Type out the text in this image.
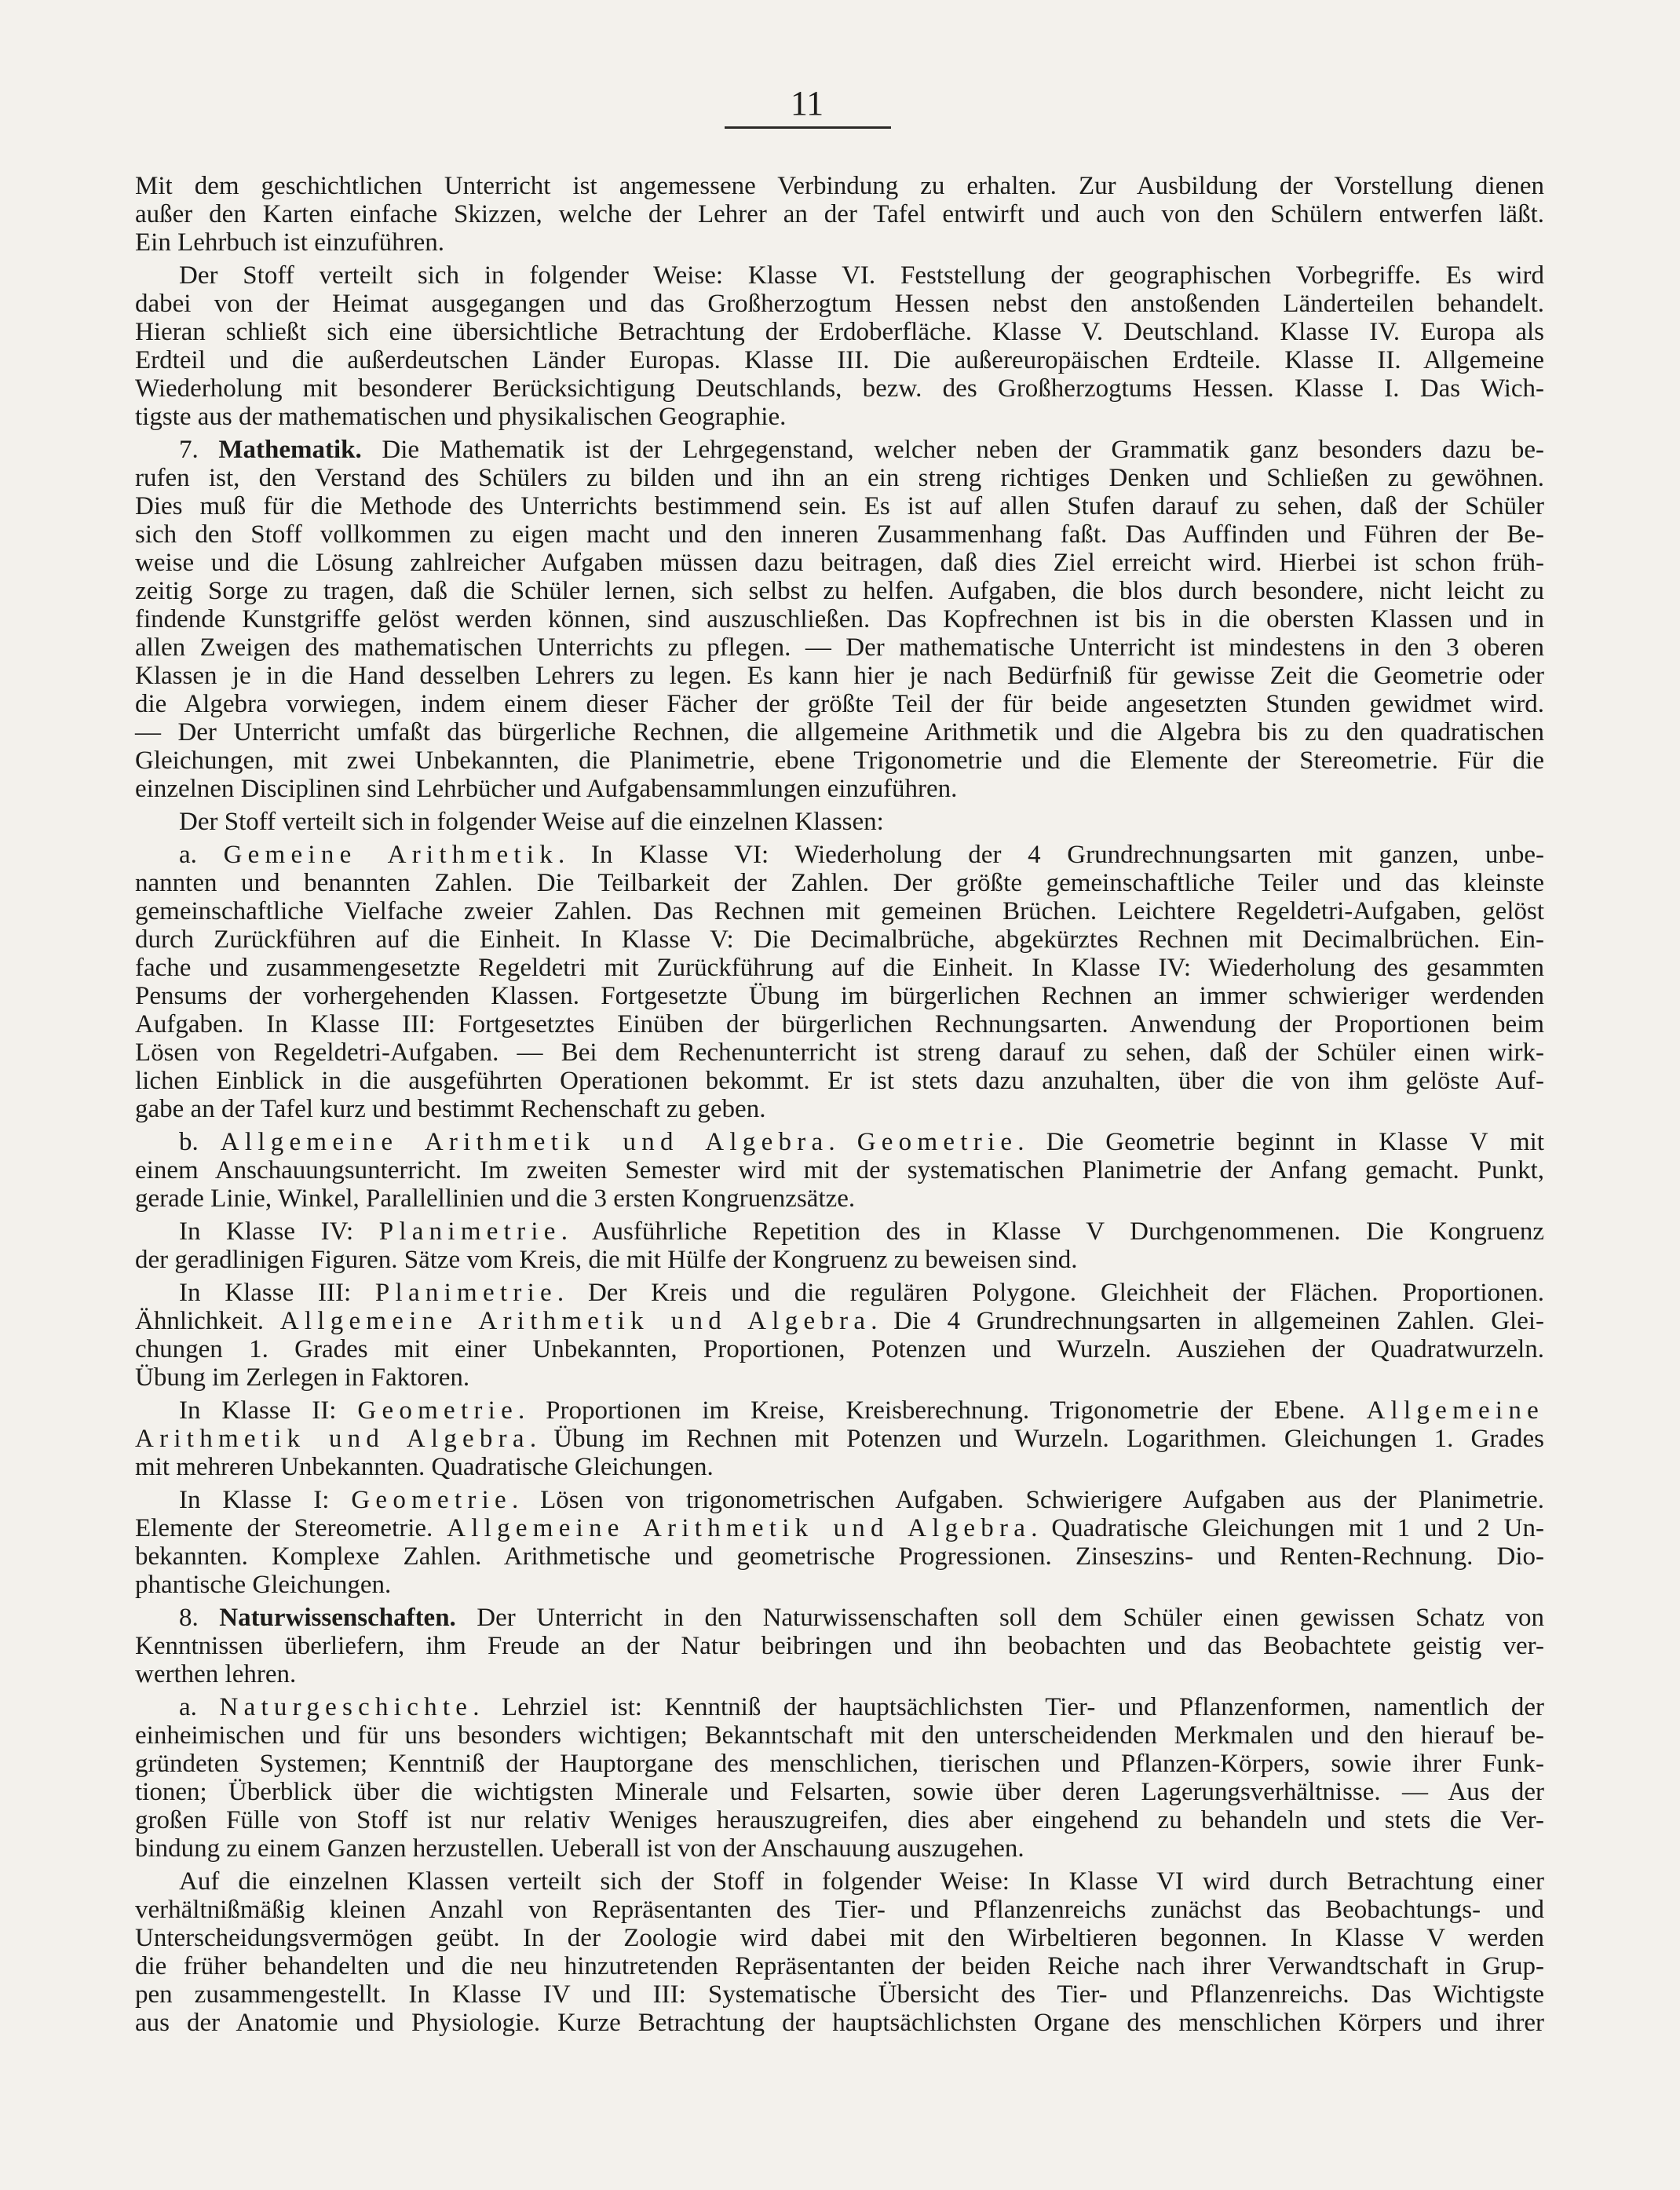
11
Mit dem geschichtlichen Unterricht ist angemessene Verbindung zu erhalten. Zur Ausbildung der Vorstellung dienen
außer den Karten einfache Skizzen, welche der Lehrer an der Tafel entwirft und auch von den Schülern entwerfen läßt.
Ein Lehrbuch ist einzuführen.
Der Stoff verteilt sich in folgender Weise: Klasse VI. Feststellung der geographischen Vorbegriffe. Es wird
dabei von der Heimat ausgegangen und das Großherzogtum Hessen nebst den anstoßenden Länderteilen behandelt.
Hieran schließt sich eine übersichtliche Betrachtung der Erdoberfläche. Klasse V. Deutschland. Klasse IV. Europa als
Erdteil und die außerdeutschen Länder Europas. Klasse III. Die außereuropäischen Erdteile. Klasse II. Allgemeine
Wiederholung mit besonderer Berücksichtigung Deutschlands, bezw. des Großherzogtums Hessen. Klasse I. Das Wich-
tigste aus der mathematischen und physikalischen Geographie.
7. Mathematik. Die Mathematik ist der Lehrgegenstand, welcher neben der Grammatik ganz besonders dazu be-
rufen ist, den Verstand des Schülers zu bilden und ihn an ein streng richtiges Denken und Schließen zu gewöhnen.
Dies muß für die Methode des Unterrichts bestimmend sein. Es ist auf allen Stufen darauf zu sehen, daß der Schüler
sich den Stoff vollkommen zu eigen macht und den inneren Zusammenhang faßt. Das Auffinden und Führen der Be-
weise und die Lösung zahlreicher Aufgaben müssen dazu beitragen, daß dies Ziel erreicht wird. Hierbei ist schon früh-
zeitig Sorge zu tragen, daß die Schüler lernen, sich selbst zu helfen. Aufgaben, die blos durch besondere, nicht leicht zu
findende Kunstgriffe gelöst werden können, sind auszuschließen. Das Kopfrechnen ist bis in die obersten Klassen und in
allen Zweigen des mathematischen Unterrichts zu pflegen. — Der mathematische Unterricht ist mindestens in den 3 oberen
Klassen je in die Hand desselben Lehrers zu legen. Es kann hier je nach Bedürfniß für gewisse Zeit die Geometrie oder
die Algebra vorwiegen, indem einem dieser Fächer der größte Teil der für beide angesetzten Stunden gewidmet wird.
— Der Unterricht umfaßt das bürgerliche Rechnen, die allgemeine Arithmetik und die Algebra bis zu den quadratischen
Gleichungen, mit zwei Unbekannten, die Planimetrie, ebene Trigonometrie und die Elemente der Stereometrie. Für die
einzelnen Disciplinen sind Lehrbücher und Aufgabensammlungen einzuführen.
Der Stoff verteilt sich in folgender Weise auf die einzelnen Klassen:
a. Gemeine Arithmetik. In Klasse VI: Wiederholung der 4 Grundrechnungsarten mit ganzen, unbe-
nannten und benannten Zahlen. Die Teilbarkeit der Zahlen. Der größte gemeinschaftliche Teiler und das kleinste
gemeinschaftliche Vielfache zweier Zahlen. Das Rechnen mit gemeinen Brüchen. Leichtere Regeldetri-Aufgaben, gelöst
durch Zurückführen auf die Einheit. In Klasse V: Die Decimalbrüche, abgekürztes Rechnen mit Decimalbrüchen. Ein-
fache und zusammengesetzte Regeldetri mit Zurückführung auf die Einheit. In Klasse IV: Wiederholung des gesammten
Pensums der vorhergehenden Klassen. Fortgesetzte Übung im bürgerlichen Rechnen an immer schwieriger werdenden
Aufgaben. In Klasse III: Fortgesetztes Einüben der bürgerlichen Rechnungsarten. Anwendung der Proportionen beim
Lösen von Regeldetri-Aufgaben. — Bei dem Rechenunterricht ist streng darauf zu sehen, daß der Schüler einen wirk-
lichen Einblick in die ausgeführten Operationen bekommt. Er ist stets dazu anzuhalten, über die von ihm gelöste Auf-
gabe an der Tafel kurz und bestimmt Rechenschaft zu geben.
b. Allgemeine Arithmetik und Algebra. Geometrie. Die Geometrie beginnt in Klasse V mit
einem Anschauungsunterricht. Im zweiten Semester wird mit der systematischen Planimetrie der Anfang gemacht. Punkt,
gerade Linie, Winkel, Parallellinien und die 3 ersten Kongruenzsätze.
In Klasse IV: Planimetrie. Ausführliche Repetition des in Klasse V Durchgenommenen. Die Kongruenz
der geradlinigen Figuren. Sätze vom Kreis, die mit Hülfe der Kongruenz zu beweisen sind.
In Klasse III: Planimetrie. Der Kreis und die regulären Polygone. Gleichheit der Flächen. Proportionen.
Ähnlichkeit. Allgemeine Arithmetik und Algebra. Die 4 Grundrechnungsarten in allgemeinen Zahlen. Glei-
chungen 1. Grades mit einer Unbekannten, Proportionen, Potenzen und Wurzeln. Ausziehen der Quadratwurzeln.
Übung im Zerlegen in Faktoren.
In Klasse II: Geometrie. Proportionen im Kreise, Kreisberechnung. Trigonometrie der Ebene. Allgemeine
Arithmetik und Algebra. Übung im Rechnen mit Potenzen und Wurzeln. Logarithmen. Gleichungen 1. Grades
mit mehreren Unbekannten. Quadratische Gleichungen.
In Klasse I: Geometrie. Lösen von trigonometrischen Aufgaben. Schwierigere Aufgaben aus der Planimetrie.
Elemente der Stereometrie. Allgemeine Arithmetik und Algebra. Quadratische Gleichungen mit 1 und 2 Un-
bekannten. Komplexe Zahlen. Arithmetische und geometrische Progressionen. Zinseszins- und Renten-Rechnung. Dio-
phantische Gleichungen.
8. Naturwissenschaften. Der Unterricht in den Naturwissenschaften soll dem Schüler einen gewissen Schatz von
Kenntnissen überliefern, ihm Freude an der Natur beibringen und ihn beobachten und das Beobachtete geistig ver-
werthen lehren.
a. Naturgeschichte. Lehrziel ist: Kenntniß der hauptsächlichsten Tier- und Pflanzenformen, namentlich der
einheimischen und für uns besonders wichtigen; Bekanntschaft mit den unterscheidenden Merkmalen und den hierauf be-
gründeten Systemen; Kenntniß der Hauptorgane des menschlichen, tierischen und Pflanzen-Körpers, sowie ihrer Funk-
tionen; Überblick über die wichtigsten Minerale und Felsarten, sowie über deren Lagerungsverhältnisse. — Aus der
großen Fülle von Stoff ist nur relativ Weniges herauszugreifen, dies aber eingehend zu behandeln und stets die Ver-
bindung zu einem Ganzen herzustellen. Ueberall ist von der Anschauung auszugehen.
Auf die einzelnen Klassen verteilt sich der Stoff in folgender Weise: In Klasse VI wird durch Betrachtung einer
verhältnißmäßig kleinen Anzahl von Repräsentanten des Tier- und Pflanzenreichs zunächst das Beobachtungs- und
Unterscheidungsvermögen geübt. In der Zoologie wird dabei mit den Wirbeltieren begonnen. In Klasse V werden
die früher behandelten und die neu hinzutretenden Repräsentanten der beiden Reiche nach ihrer Verwandtschaft in Grup-
pen zusammengestellt. In Klasse IV und III: Systematische Übersicht des Tier- und Pflanzenreichs. Das Wichtigste
aus der Anatomie und Physiologie. Kurze Betrachtung der hauptsächlichsten Organe des menschlichen Körpers und ihrer
